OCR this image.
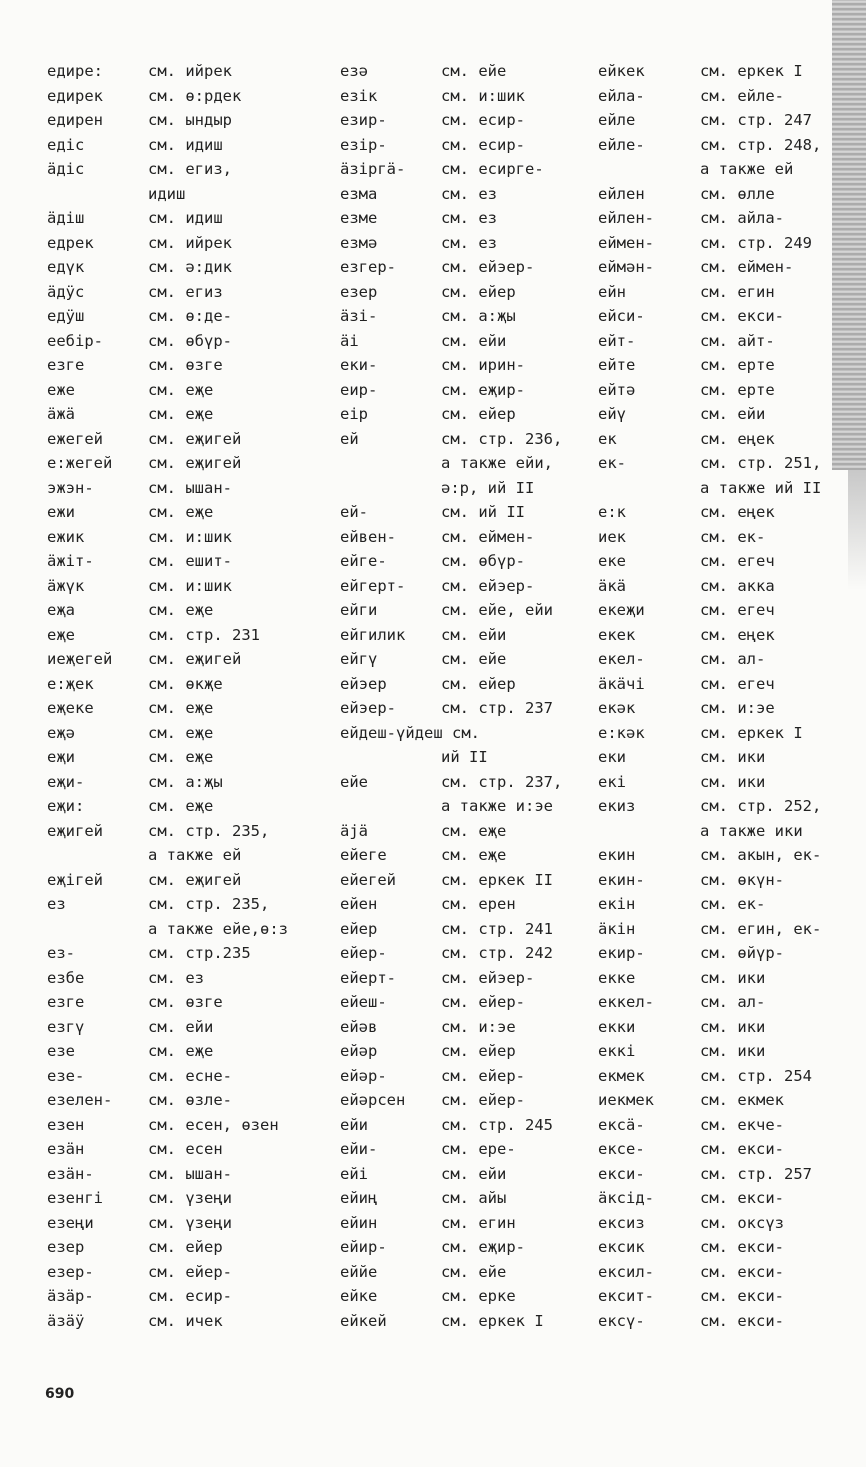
едире:	см. ийрек
едирек	см. ө:рдек
едирен	см. ындыр
едіс	см. идиш
ӓдіс	см. егиз,
идиш
ӓдіш	см. идиш
едрек	см. ийрек
едүк	см. ә:дик
ӓдӱс	см. егиз
едӱш	см. ө:де-
еебір-	см. өбүр-
езгe	см. өзгe
еже	см. еҗе
ӓжӓ	см. еҗе
ежегей	см. еҗигей
е:жегей см. еҗигей
эжэн-	см. ышан-
ежи	см. еҗе
ежик	см. и:шик
ӓжіт-	см. ешит-
ӓжүк	см. и:шик
еҗа	см. еҗе
еҗе	см. стр. 231
иеҗегей см. еҗигей
е:җек	см. өкҗе
еҗеке	см. еҗе
еҗә	см. еҗе
еҗи	см. еҗе
еҗи-	см. а:җы
еҗи:	см. еҗе
еҗигей	см. стр. 235,
а также ей
еҗігей	см. еҗигей
ез	см. стр. 235,
а также ейе,ө:з
ез-	см. стр.235
езбе	см. ез
езгe	см. өзгe
езгү	см. ейи
езе	см. еҗе
езе-	см. есне-
езелен- см. өзле-
езен	см. есен, өзен
езӓн	см. есен
езӓн-	см. ышан-
езенгі	см. үзеңи
езеңи	см. үзеңи
езер	см. ейер
езер-	см. ейер-
ӓзӓр-	см. есир-
ӓзӓӱ	см. ичек
езә	см. ейе
езік	см. и:шик
езир-	см. есир-
езір-	см. есир-
ӓзіргӓ- см. есирге-
езма	см. ез
езме	см. ез
езмә	см. ез
езгер-	см. ейэер-
езер	см. ейер
ӓзі-	см. а:җы
ӓі	см. ейи
еки-	см. ирин-
еир-	см. еҗир-
еір	см. ейер
ей	см. стр. 236,
а также ейи,
ә:р, ий II
ей-	см. ий II
ейвен-	см. еймен-
ейге-	см. өбүр-
ейгерт- см. ейэер-
ейги	см. ейе, ейи
ейгилик см. ейи
ейгү	см. ейе
ейэер	см. ейер
ейэер-	см. стр. 237
ейдеш-үйдеш см.
ий II
ейе	см. стр. 237,
а также и:эе
ӓјӓ	см. еҗе
ейеге	см. еҗе
ейегей	см. еркек II
ейен	см. ерен
ейер	см. стр. 241
ейер-	см. стр. 242
ейерт-	см. ейэер-
ейеш-	см. ейер-
ейәв	см. и:эе
ейәр	см. ейер
ейәр-	см. ейер-
ейәрсен см. ейер-
ейи	см. стр. 245
ейи-	см. ере-
ейі	см. ейи
ейиң	см. айы
ейин	см. егин
ейир-	см. еҗир-
еййе	см. ейе
ейке	см. ерке
ейкей	см. еркек I
ейкек	см. еркек I
ейла-	см. ейле-
ейле	см. стр. 247
ейле-	см. стр. 248,
а также ей
ейлен	см. өлле
ейлен-	см. айла-
еймен-	см. стр. 249
еймән-	см. еймен-
ейн	см. егин
ейси-	см. екси-
ейт-	см. айт-
ейте	см. ерте
ейтә	см. ерте
ейү	см. ейи
ек	см. еңек
ек-	см. стр. 251,
а также ий II
е:к	см. еңек
иек	см. ек-
еке	см. егеч
ӓкӓ	см. акка
екеҗи	см. егеч
екек	см. еңек
екел-	см. ал-
ӓкӓчі	см. егеч
екәк	см. и:эе
е:кәк	см. еркек I
еки	см. ики
екі	см. ики
екиз	см. стр. 252,
а также ики
екин	см. акын, ек-
екин-	см. өкүн-
екін	см. ек-
ӓкін	см. егин, ек-
екир-	см. өйүр-
екке	см. ики
еккел-	см. ал-
екки	см. ики
еккі	см. ики
екмек	см. стр. 254
иекмек	см. екмек
ексӓ-	см. екче-
ексе-	см. екси-
екси-	см. стр. 257
ӓксід-	см. екси-
ексиз	см. оксүз
ексик	см. екси-
ексил-	см. екси-
ексит-	см. екси-
ексү-	см. екси-
690
